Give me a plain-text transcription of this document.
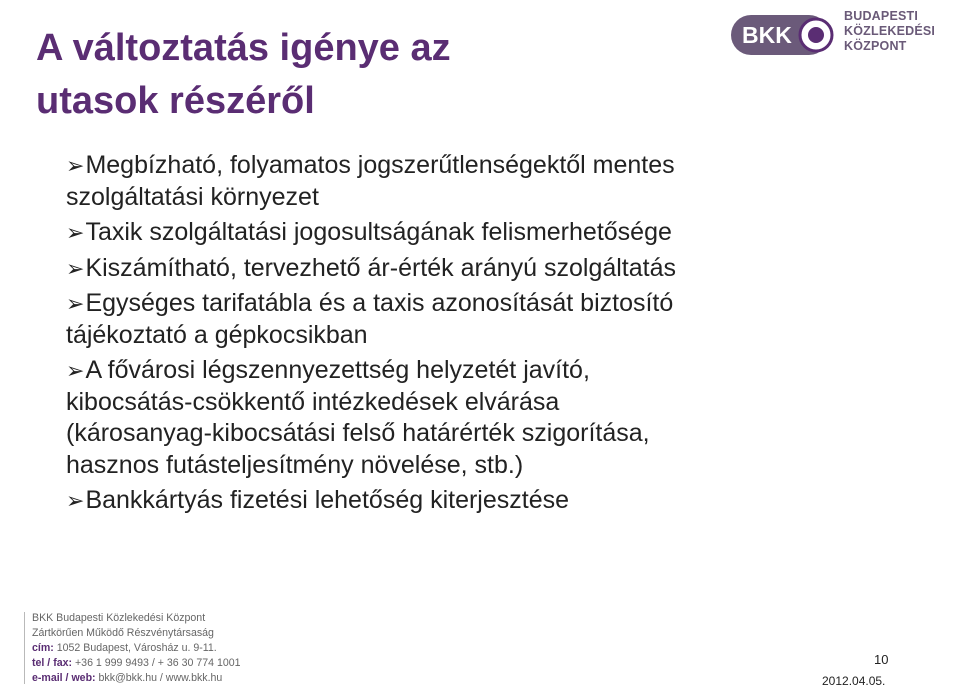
A változtatás igénye az
utasok részéről
BKK
BUDAPESTI
KÖZLEKEDÉSI
KÖZPONT
➢Megbízható, folyamatos jogszerűtlenségektől mentes
szolgáltatási környezet
➢Taxik szolgáltatási jogosultságának felismerhetősége
➢Kiszámítható, tervezhető ár-érték arányú szolgáltatás
➢Egységes tarifatábla és a taxis azonosítását biztosító
tájékoztató a gépkocsikban
➢A fővárosi légszennyezettség helyzetét javító,
kibocsátás-csökkentő intézkedések elvárása
(károsanyag-kibocsátási felső határérték szigorítása,
hasznos futásteljesítmény növelése, stb.)
➢Bankkártyás fizetési lehetőség kiterjesztése
BKK Budapesti Közlekedési Központ
Zártkörűen Működő Részvénytársaság
cím: 1052 Budapest, Városház u. 9-11.
tel / fax: +36 1 999 9493 / + 36 30 774 1001
e-mail / web: bkk@bkk.hu / www.bkk.hu
10
2012.04.05.
